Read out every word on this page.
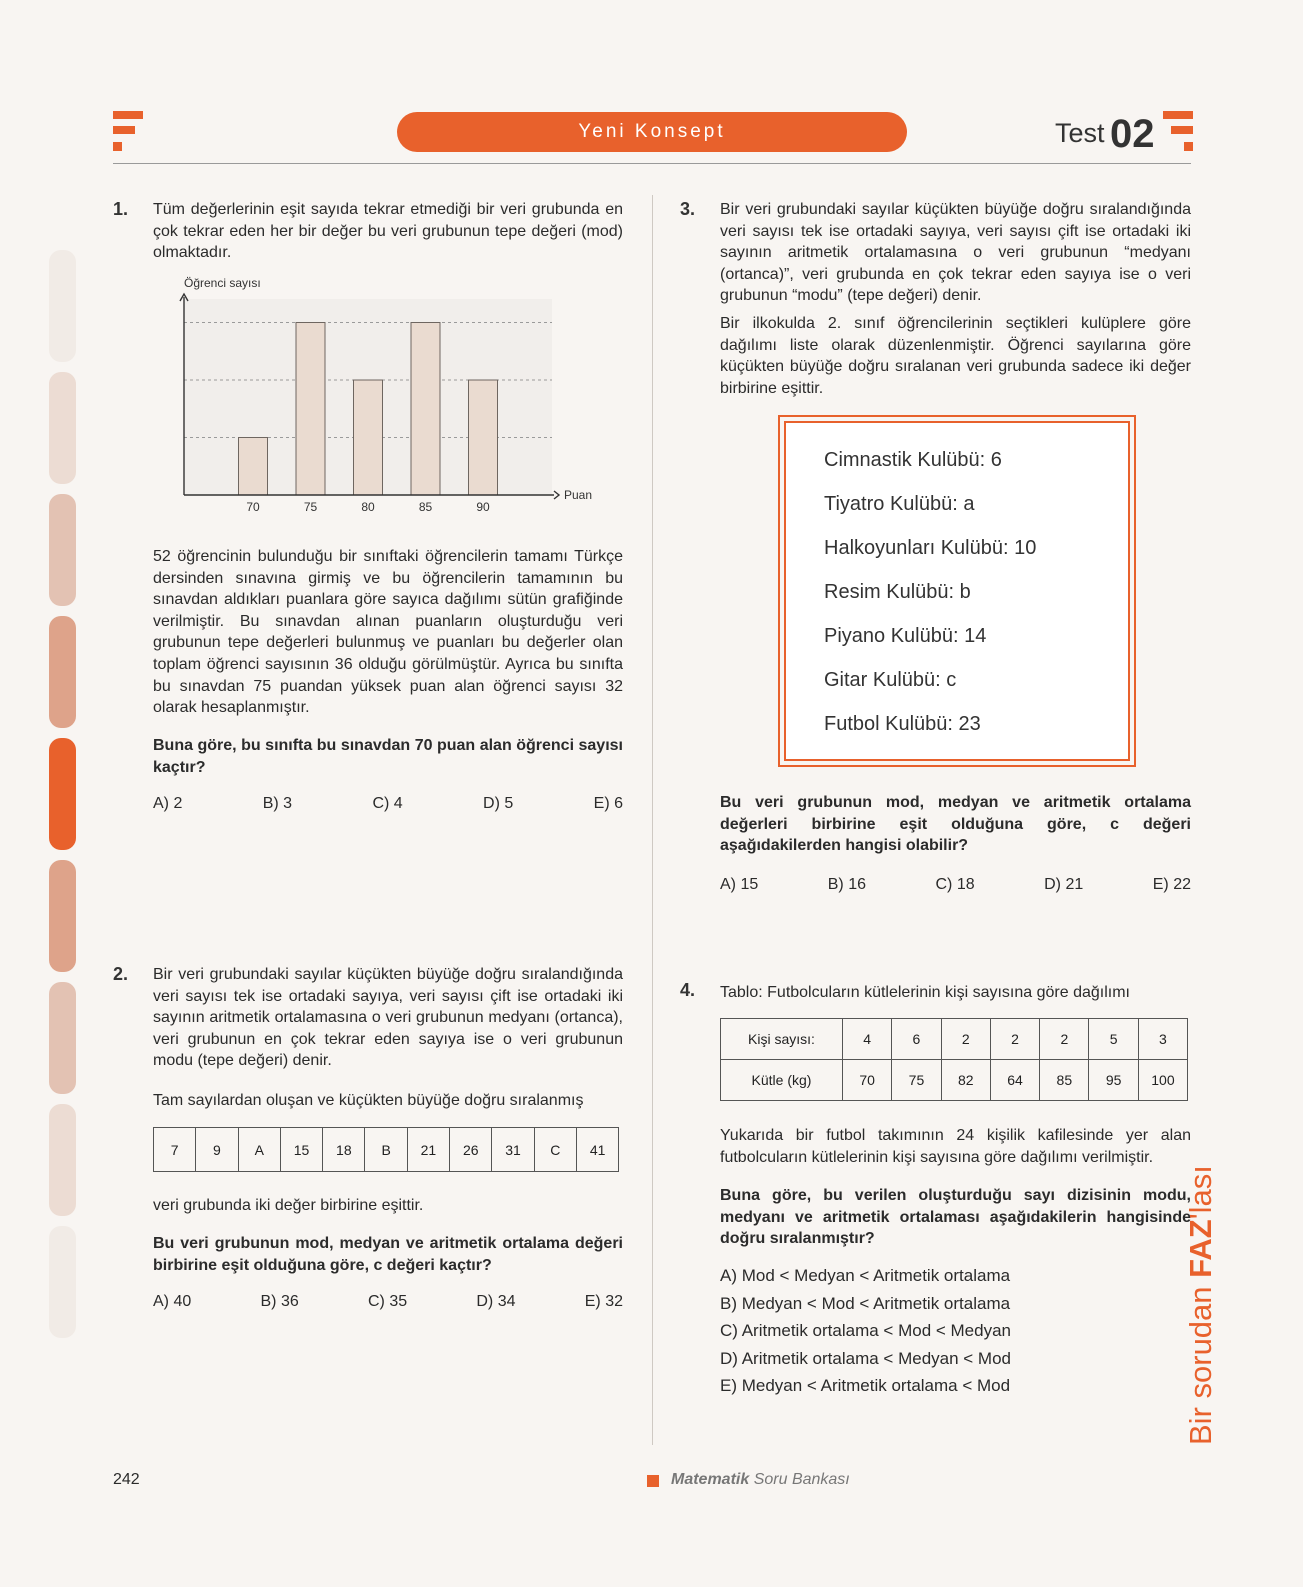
Yeni Konsept	Test 02
1. Tüm değerlerinin eşit sayıda tekrar etmediği bir veri grubunda en çok tekrar eden her bir değer bu veri grubunun tepe değeri (mod) olmaktadır.
70	75	80	85	90
Öğrenci sayısı
Puan
52 öğrencinin bulunduğu bir sınıftaki öğrencilerin tamamı Türkçe dersinden sınavına girmiş ve bu öğrencilerin tamamının bu sınavdan aldıkları puanlara göre sayıca dağılımı sütün grafiğinde verilmiştir. Bu sınavdan alınan puanların oluşturduğu veri grubunun tepe değerleri bulunmuş ve puanları bu değerler olan toplam öğrenci sayısının 36 olduğu görülmüştür. Ayrıca bu sınıfta bu sınavdan 75 puandan yüksek puan alan öğrenci sayısı 32 olarak hesaplanmıştır.
Buna göre, bu sınıfta bu sınavdan 70 puan alan öğrenci sayısı kaçtır?
A) 2	B) 3	C) 4	D) 5	E) 6
2. Bir veri grubundaki sayılar küçükten büyüğe doğru sıralandığında veri sayısı tek ise ortadaki sayıya, veri sayısı çift ise ortadaki iki sayının aritmetik ortalamasına o veri grubunun medyanı (ortanca), veri grubunun en çok tekrar eden sayıya ise o veri grubunun modu (tepe değeri) denir.
Tam sayılardan oluşan ve küçükten büyüğe doğru sıralanmış
7	9	A	15	18	B	21	26	31	C	41
veri grubunda iki değer birbirine eşittir.
Bu veri grubunun mod, medyan ve aritmetik ortalama değeri birbirine eşit olduğuna göre, c değeri kaçtır?
A) 40	B) 36	C) 35	D) 34	E) 32
3. Bir veri grubundaki sayılar küçükten büyüğe doğru sıralandığında veri sayısı tek ise ortadaki sayıya, veri sayısı çift ise ortadaki iki sayının aritmetik ortalamasına o veri grubunun “medyanı (ortanca)”, veri grubunda en çok tekrar eden sayıya ise o veri grubunun “modu” (tepe değeri) denir.
Bir ilkokulda 2. sınıf öğrencilerinin seçtikleri kulüplere göre dağılımı liste olarak düzenlenmiştir. Öğrenci sayılarına göre küçükten büyüğe doğru sıralanan veri grubunda sadece iki değer birbirine eşittir.
Cimnastik Kulübü: 6
Tiyatro Kulübü: a
Halkoyunları Kulübü: 10
Resim Kulübü: b
Piyano Kulübü: 14
Gitar Kulübü: c
Futbol Kulübü: 23
Bu veri grubunun mod, medyan ve aritmetik ortalama değerleri birbirine eşit olduğuna göre, c değeri aşağıdakilerden hangisi olabilir?
A) 15	B) 16	C) 18	D) 21	E) 22
4. Tablo: Futbolcuların kütlelerinin kişi sayısına göre dağılımı
Kişi sayısı:	4	6	2	2	2	5	3
Kütle (kg)	70	75	82	64	85	95	100
Yukarıda bir futbol takımının 24 kişilik kafilesinde yer alan futbolcuların kütlelerinin kişi sayısına göre dağılımı verilmiştir.
Buna göre, bu verilen oluşturduğu sayı dizisinin modu, medyanı ve aritmetik ortalaması aşağıdakilerin hangisinde doğru sıralanmıştır?
A) Mod < Medyan < Aritmetik ortalama
B) Medyan < Mod < Aritmetik ortalama
C) Aritmetik ortalama < Mod < Medyan
D) Aritmetik ortalama < Medyan < Mod
E) Medyan < Aritmetik ortalama < Mod
242	Matematik Soru Bankası
Bir sorudan FAZ'lası
